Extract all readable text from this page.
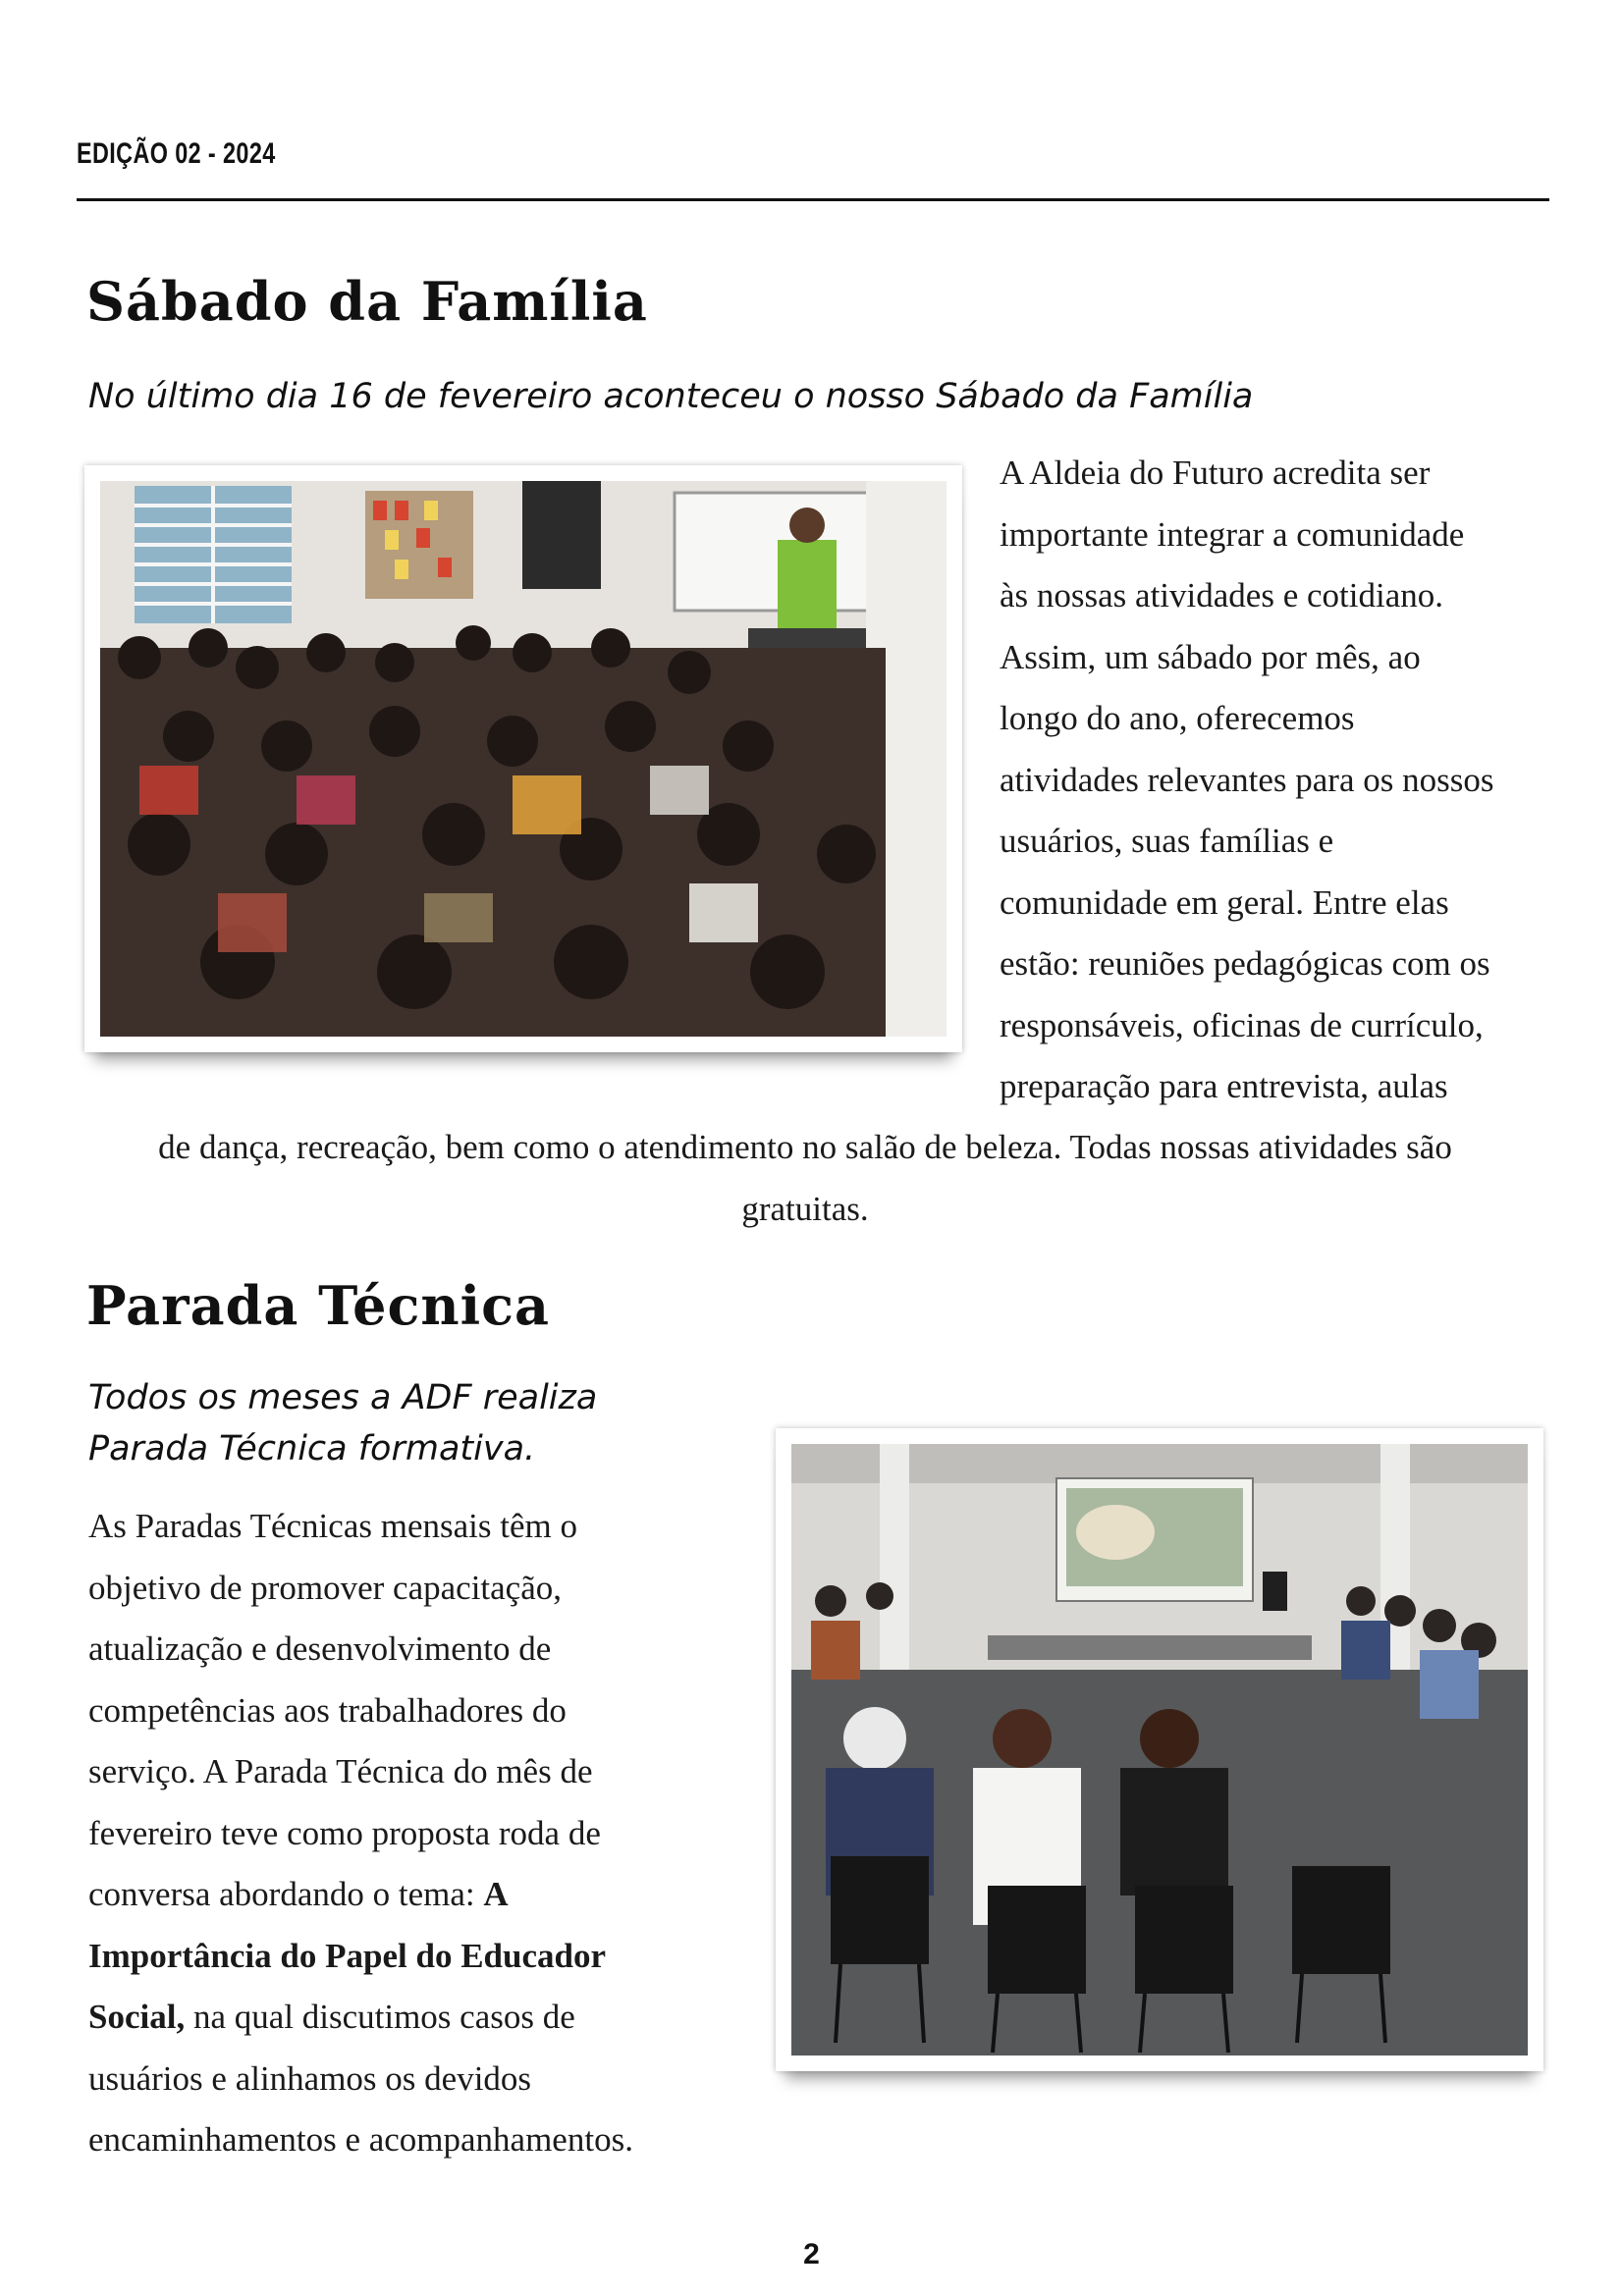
EDIÇÃO 02 - 2024
Sábado da Família

No último dia 16 de fevereiro aconteceu o nosso Sábado da Família

A Aldeia do Futuro acredita ser
importante integrar a comunidade
às nossas atividades e cotidiano.
Assim, um sábado por mês, ao
longo do ano, oferecemos
atividades relevantes para os nossos
usuários, suas famílias e
comunidade em geral. Entre elas
estão: reuniões pedagógicas com os
responsáveis, oficinas de currículo,
preparação para entrevista, aulas
de dança, recreação, bem como o atendimento no salão de beleza. Todas nossas atividades são
gratuitas.
Parada Técnica
Todos os meses a ADF realiza
Parada Técnica formativa.
As Paradas Técnicas mensais têm o
objetivo de promover capacitação,
atualização e desenvolvimento de
competências aos trabalhadores do
serviço. A Parada Técnica do mês de
fevereiro teve como proposta roda de
conversa abordando o tema: A
Importância do Papel do Educador
Social, na qual discutimos casos de
usuários e alinhamos os devidos
encaminhamentos e acompanhamentos.
2
